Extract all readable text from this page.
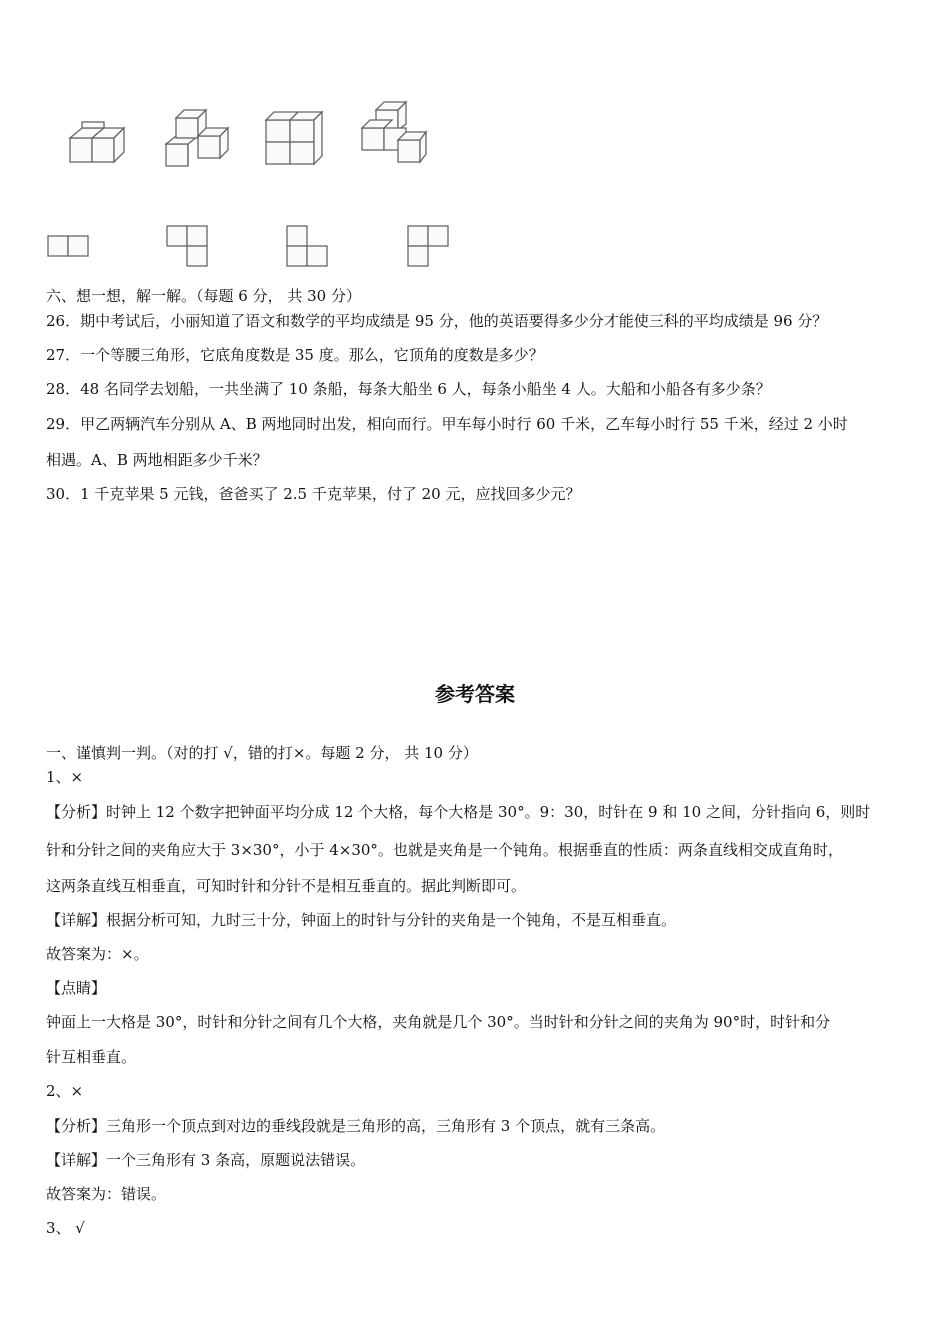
六、想一想，解一解。（每题 6 分， 共 30 分）
26．期中考试后，小丽知道了语文和数学的平均成绩是 95 分，他的英语要得多少分才能使三科的平均成绩是 96 分？
27．一个等腰三角形，它底角度数是 35 度。那么，它顶角的度数是多少？
28．48 名同学去划船，一共坐满了 10 条船，每条大船坐 6 人，每条小船坐 4 人。大船和小船各有多少条？
29．甲乙两辆汽车分别从 A、B 两地同时出发，相向而行。甲车每小时行 60 千米，乙车每小时行 55 千米，经过 2 小时
相遇。A、B 两地相距多少千米？
30．1 千克苹果 5 元钱，爸爸买了 2.5 千克苹果，付了 20 元，应找回多少元？
参考答案
一、谨慎判一判。（对的打 √，错的打×。每题 2 分， 共 10 分）
1、×
【分析】时钟上 12 个数字把钟面平均分成 12 个大格，每个大格是 30°。9：30，时针在 9 和 10 之间，分针指向 6，则时
针和分针之间的夹角应大于 3×30°，小于 4×30°。也就是夹角是一个钝角。根据垂直的性质：两条直线相交成直角时，
这两条直线互相垂直，可知时针和分针不是相互垂直的。据此判断即可。
【详解】根据分析可知，九时三十分，钟面上的时针与分针的夹角是一个钝角，不是互相垂直。
故答案为：×。
【点睛】
钟面上一大格是 30°，时针和分针之间有几个大格，夹角就是几个 30°。当时针和分针之间的夹角为 90°时，时针和分
针互相垂直。
2、×
【分析】三角形一个顶点到对边的垂线段就是三角形的高，三角形有 3 个顶点，就有三条高。
【详解】一个三角形有 3 条高，原题说法错误。
故答案为：错误。
3、 √
